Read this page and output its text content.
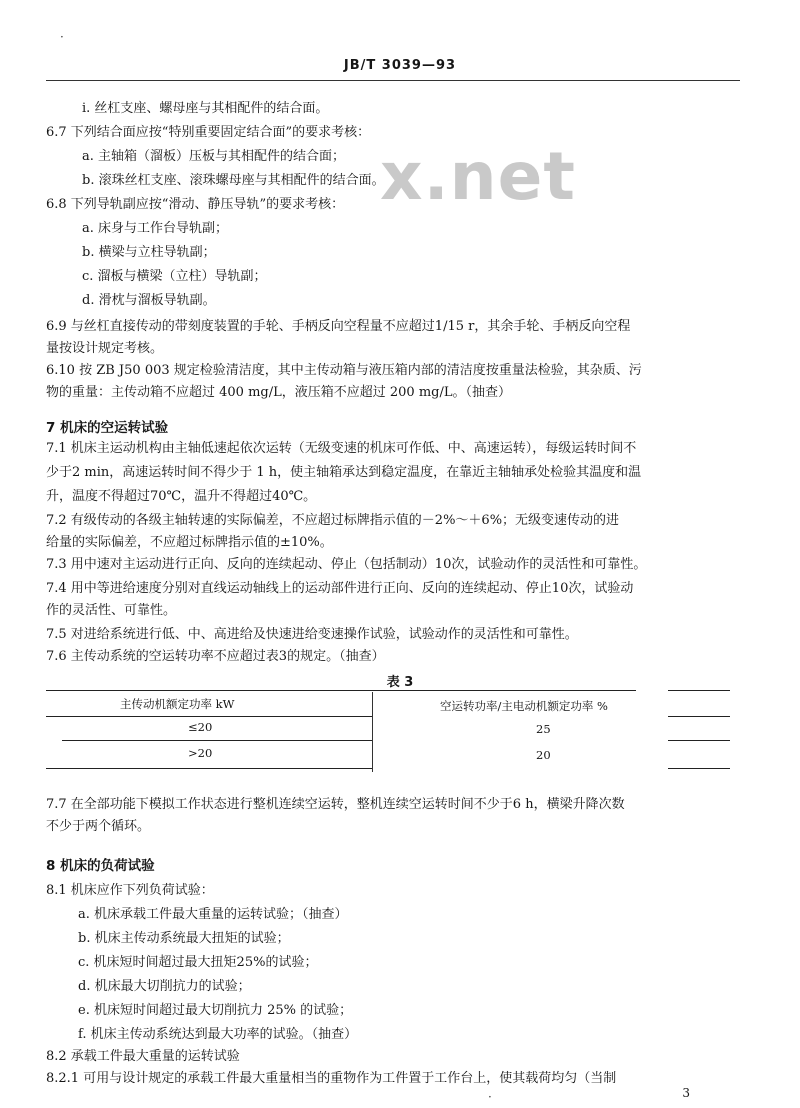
JB/T 3039—93
x.net
i. 丝杠支座、螺母座与其相配件的结合面。
6.7 下列结合面应按“特别重要固定结合面”的要求考核：
a. 主轴箱（溜板）压板与其相配件的结合面；
b. 滚珠丝杠支座、滚珠螺母座与其相配件的结合面。
6.8 下列导轨副应按“滑动、静压导轨”的要求考核：
a. 床身与工作台导轨副；
b. 横梁与立柱导轨副；
c. 溜板与横梁（立柱）导轨副；
d. 滑枕与溜板导轨副。
6.9 与丝杠直接传动的带刻度装置的手轮、手柄反向空程量不应超过1/15 r，其余手轮、手柄反向空程
量按设计规定考核。
6.10 按 ZB J50 003 规定检验清洁度，其中主传动箱与液压箱内部的清洁度按重量法检验，其杂质、污
物的重量：主传动箱不应超过 400 mg/L，液压箱不应超过 200 mg/L。（抽查）
7.1 机床主运动机构由主轴低速起依次运转（无级变速的机床可作低、中、高速运转），每级运转时间不
少于2 min，高速运转时间不得少于 1 h，使主轴箱承达到稳定温度，在靠近主轴轴承处检验其温度和温
升，温度不得超过70℃，温升不得超过40℃。
7.2 有级传动的各级主轴转速的实际偏差，不应超过标牌指示值的－2%～＋6%；无级变速传动的进
给量的实际偏差，不应超过标牌指示值的±10%。
7.3 用中速对主运动进行正向、反向的连续起动、停止（包括制动）10次，试验动作的灵活性和可靠性。
7.4 用中等进给速度分别对直线运动轴线上的运动部件进行正向、反向的连续起动、停止10次，试验动
作的灵活性、可靠性。
7.5 对进给系统进行低、中、高进给及快速进给变速操作试验，试验动作的灵活性和可靠性。
7.6 主传动系统的空运转功率不应超过表3的规定。（抽查）
7.7 在全部功能下模拟工作状态进行整机连续空运转，整机连续空运转时间不少于6 h，横梁升降次数
不少于两个循环。
8.1 机床应作下列负荷试验：
a. 机床承载工件最大重量的运转试验；（抽查）
b. 机床主传动系统最大扭矩的试验；
c. 机床短时间超过最大扭矩25%的试验；
d. 机床最大切削抗力的试验；
e. 机床短时间超过最大切削抗力 25% 的试验；
f. 机床主传动系统达到最大功率的试验。（抽查）
8.2 承载工件最大重量的运转试验
8.2.1 可用与设计规定的承载工件最大重量相当的重物作为工件置于工作台上，使其载荷均匀（当制
7 机床的空运转试验
8 机床的负荷试验
表 3
主传动机额定功率 kW	空运转功率/主电动机额定功率 %
≤20	25
>20	20
3
·
·
